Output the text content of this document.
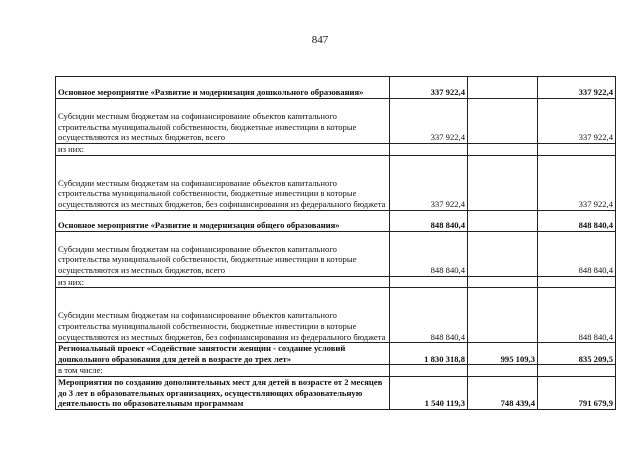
847
Основное мероприятие «Развитие и модернизация дошкольного образования»	337 922,4		337 922,4
Субсидии местным бюджетам на софинансирование объектов капитального строительства муниципальной собственности, бюджетные инвестиции в которые осуществляются из местных бюджетов, всего	337 922,4		337 922,4
из них:			
Субсидии местным бюджетам на софинансирование объектов капитального строительства муниципальной собственности, бюджетные инвестиции в которые осуществляются из местных бюджетов, без софинансирования из федерального бюджета	337 922,4		337 922,4
Основное мероприятие «Развитие и модернизация общего образования»	848 840,4		848 840,4
Субсидии местным бюджетам на софинансирование объектов капитального строительства муниципальной собственности, бюджетные инвестиции в которые осуществляются из местных бюджетов, всего	848 840,4		848 840,4
из них:			
Субсидии местным бюджетам на софинансирование объектов капитального строительства муниципальной собственности, бюджетные инвестиции в которые осуществляются из местных бюджетов, без софинансирования из федерального бюджета	848 840,4		848 840,4
Региональный проект «Содействие занятости женщин - создание условий дошкольного образования для детей в возрасте до трех лет»	1 830 318,8	995 109,3	835 209,5
в том числе:			
Мероприятия по созданию дополнительных мест для детей в возрасте от 2 месяцев до 3 лет в образовательных организациях, осуществляющих образовательную деятельность по образовательным программам	1 540 119,3	748 439,4	791 679,9
